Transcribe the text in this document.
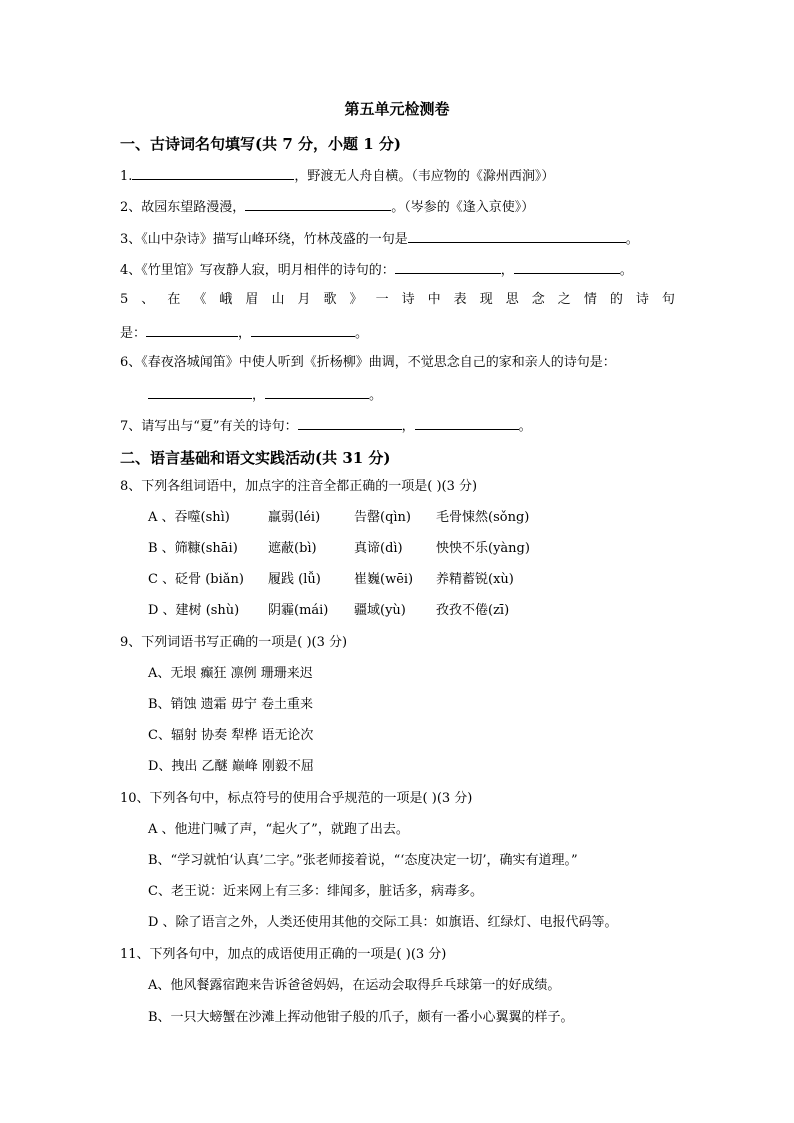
第五单元检测卷
一、古诗词名句填写(共 7 分，小题 1 分)
1.	，野渡无人舟自横。（韦应物的《滁州西涧》）
2、故园东望路漫漫，	。（岑参的《逢入京使》）
3、《山中杂诗》描写山峰环绕，竹林茂盛的一句是	。
4、《竹里馆》写夜静人寂，明月相伴的诗句的：	，	。
5 、 在 《 峨 眉 山 月 歌 》 一 诗 中 表 现 思 念 之 情 的 诗 句
是：	，	。
6、《春夜洛城闻笛》中使人听到《折杨柳》曲调，不觉思念自己的家和亲人的诗句是：
，	。
7、请写出与“夏”有关的诗句：	，	。
二、语言基础和语文实践活动(共 31 分)
8、下列各组词语中，加点字的注音全都正确的一项是( )(3 分)
A 、吞噬(shì)	羸弱(léi)	告罄(qìn) 毛骨悚然(sǒng)
B 、筛糠(shāi) 遮蔽(bì)	真谛(dì)	怏怏不乐(yàng)
C 、砭骨 (biǎn) 履践 (lǚ)	崔巍(wēi) 养精蓄锐(xù)
D 、建树 (shù) 阴霾(mái) 疆域(yù) 孜孜不倦(zī)
9、下列词语书写正确的一项是( )(3 分)
A、无垠 癫狂 凛例 珊珊来迟
B、销蚀 遗霜 毋宁 卷土重来
C、辐射 协奏 犁桦 语无论次
D、拽出 乙醚 巅峰 刚毅不屈
10、下列各句中，标点符号的使用合乎规范的一项是( )(3 分)
A 、他进门喊了声，“起火了”，就跑了出去。
B、“学习就怕‘认真’二字。”张老师接着说，“‘态度决定一切’，确实有道理。”
C、老王说：近来网上有三多：绯闻多，脏话多，病毒多。
D 、除了语言之外，人类还使用其他的交际工具：如旗语、红绿灯、电报代码等。
11、下列各句中，加点的成语使用正确的一项是( )(3 分)
A、他风餐露宿跑来告诉爸爸妈妈，在运动会取得乒乓球第一的好成绩。
B、一只大螃蟹在沙滩上挥动他钳子般的爪子，颇有一番小心翼翼的样子。
